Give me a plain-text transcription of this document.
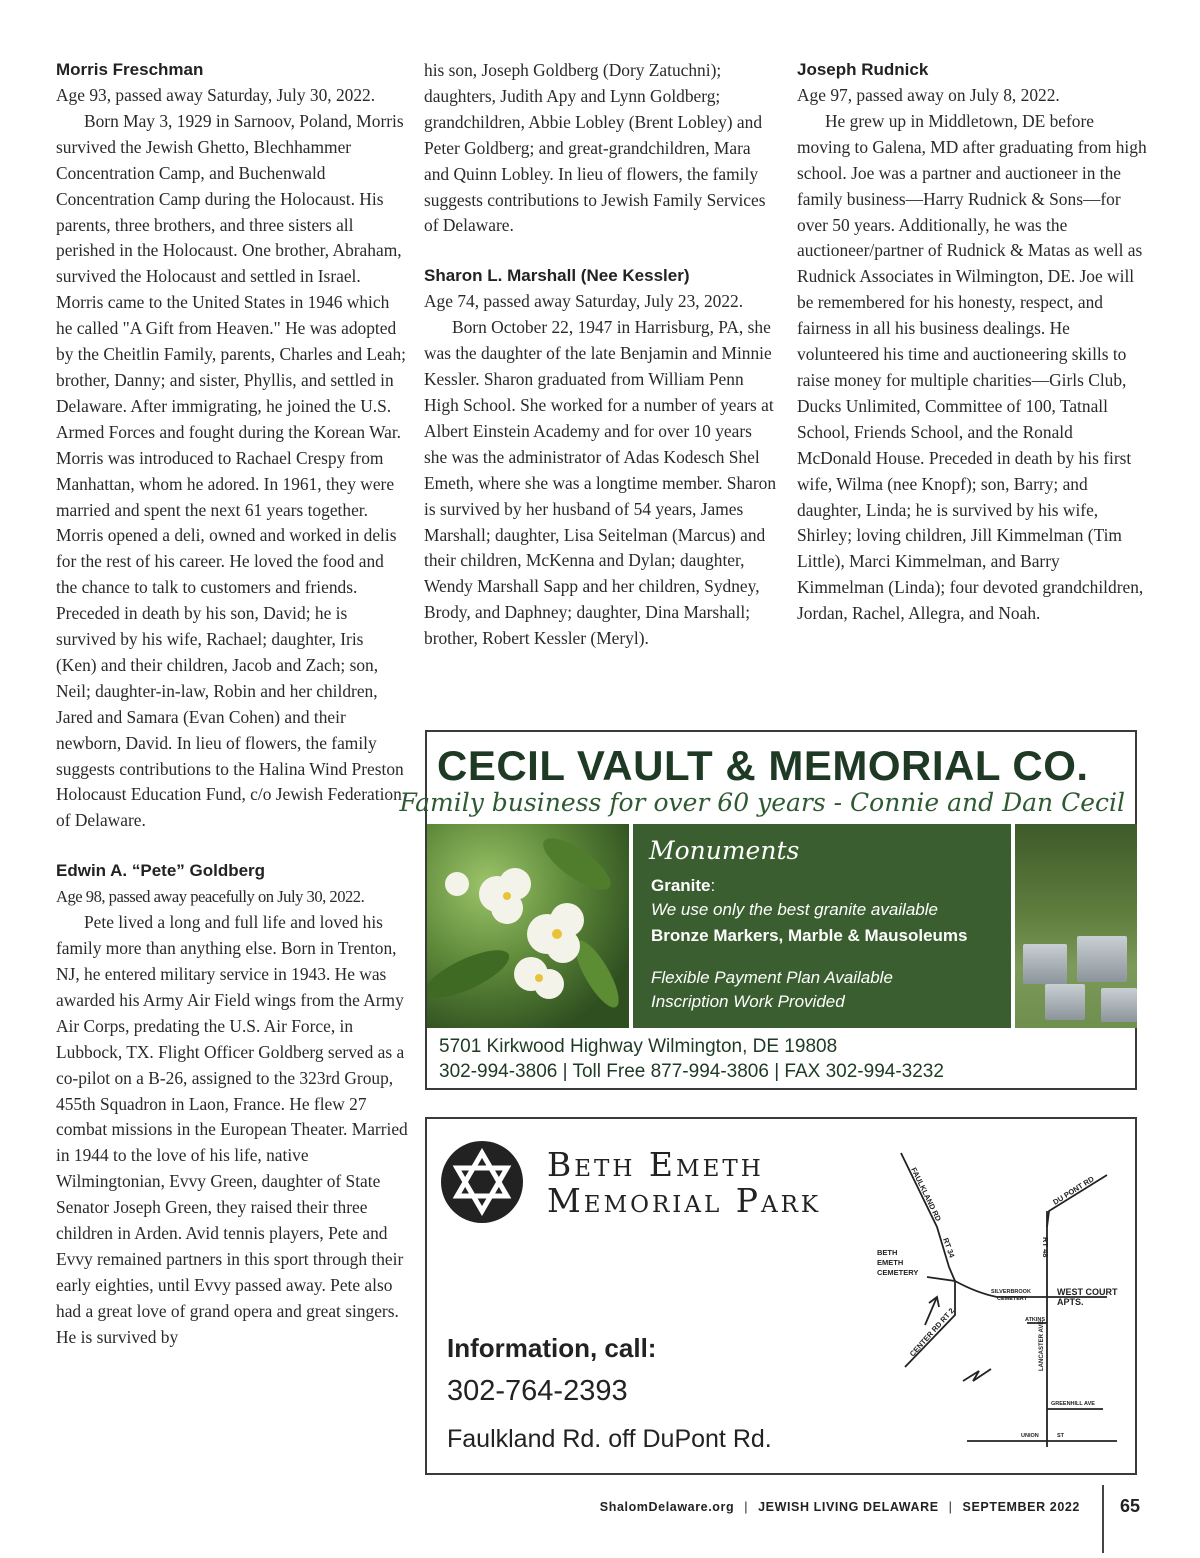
Morris Freschman
Age 93, passed away Saturday, July 30, 2022.
Born May 3, 1929 in Sarnoov, Poland, Morris survived the Jewish Ghetto, Blechhammer Concentration Camp, and Buchenwald Concentration Camp during the Holocaust. His parents, three brothers, and three sisters all perished in the Holocaust. One brother, Abraham, survived the Holocaust and settled in Israel. Morris came to the United States in 1946 which he called "A Gift from Heaven." He was adopted by the Cheitlin Family, parents, Charles and Leah; brother, Danny; and sister, Phyllis, and settled in Delaware. After immigrating, he joined the U.S. Armed Forces and fought during the Korean War. Morris was introduced to Rachael Crespy from Manhattan, whom he adored. In 1961, they were married and spent the next 61 years together. Morris opened a deli, owned and worked in delis for the rest of his career. He loved the food and the chance to talk to customers and friends. Preceded in death by his son, David; he is survived by his wife, Rachael; daughter, Iris (Ken) and their children, Jacob and Zach; son, Neil; daughter-in-law, Robin and her children, Jared and Samara (Evan Cohen) and their newborn, David. In lieu of flowers, the family suggests contributions to the Halina Wind Preston Holocaust Education Fund, c/o Jewish Federation of Delaware.
Edwin A. “Pete” Goldberg
Age 98, passed away peacefully on July 30, 2022.
Pete lived a long and full life and loved his family more than anything else. Born in Trenton, NJ, he entered military service in 1943. He was awarded his Army Air Field wings from the Army Air Corps, predating the U.S. Air Force, in Lubbock, TX. Flight Officer Goldberg served as a co-pilot on a B-26, assigned to the 323rd Group, 455th Squadron in Laon, France. He flew 27 combat missions in the European Theater. Married in 1944 to the love of his life, native Wilmingtonian, Evvy Green, daughter of State Senator Joseph Green, they raised their three children in Arden. Avid tennis players, Pete and Evvy remained partners in this sport through their early eighties, until Evvy passed away. Pete also had a great love of grand opera and great singers. He is survived by
his son, Joseph Goldberg (Dory Zatuchni); daughters, Judith Apy and Lynn Goldberg; grandchildren, Abbie Lobley (Brent Lobley) and Peter Goldberg; and great-grandchildren, Mara and Quinn Lobley. In lieu of flowers, the family suggests contributions to Jewish Family Services of Delaware.
Sharon L. Marshall (Nee Kessler)
Age 74, passed away Saturday, July 23, 2022.
Born October 22, 1947 in Harrisburg, PA, she was the daughter of the late Benjamin and Minnie Kessler. Sharon graduated from William Penn High School. She worked for a number of years at Albert Einstein Academy and for over 10 years she was the administrator of Adas Kodesch Shel Emeth, where she was a longtime member. Sharon is survived by her husband of 54 years, James Marshall; daughter, Lisa Seitelman (Marcus) and their children, McKenna and Dylan; daughter, Wendy Marshall Sapp and her children, Sydney, Brody, and Daphney; daughter, Dina Marshall; brother, Robert Kessler (Meryl).
Joseph Rudnick
Age 97, passed away on July 8, 2022.
He grew up in Middletown, DE before moving to Galena, MD after graduating from high school. Joe was a partner and auctioneer in the family business—Harry Rudnick & Sons—for over 50 years. Additionally, he was the auctioneer/partner of Rudnick & Matas as well as Rudnick Associates in Wilmington, DE. Joe will be remembered for his honesty, respect, and fairness in all his business dealings. He volunteered his time and auctioneering skills to raise money for multiple charities—Girls Club, Ducks Unlimited, Committee of 100, Tatnall School, Friends School, and the Ronald McDonald House. Preceded in death by his first wife, Wilma (nee Knopf); son, Barry; and daughter, Linda; he is survived by his wife, Shirley; loving children, Jill Kimmelman (Tim Little), Marci Kimmelman, and Barry Kimmelman (Linda); four devoted grandchildren, Jordan, Rachel, Allegra, and Noah.
CECIL VAULT & MEMORIAL CO.
Family business for over 60 years - Connie and Dan Cecil
Monuments
Granite:
We use only the best granite available
Bronze Markers, Marble & Mausoleums
Flexible Payment Plan Available
Inscription Work Provided
5701 Kirkwood Highway Wilmington, DE 19808
302-994-3806 | Toll Free 877-994-3806 | FAX 302-994-3232
Beth Emeth
Memorial Park
Information, call:
302-764-2393
Faulkland Rd. off DuPont Rd.
FAULKLAND RD
RT 34
DU PONT RD
RT 48
BETH
EMETH
CEMETERY
SILVERBROOK
CEMETERY
WEST COURT
APTS.
ATKINS
CENTER RD RT 2	LANCASTER AVE
GREENHILL AVE
UNION	ST
ShalomDelaware.org | JEWISH LIVING DELAWARE | SEPTEMBER 2022 65
